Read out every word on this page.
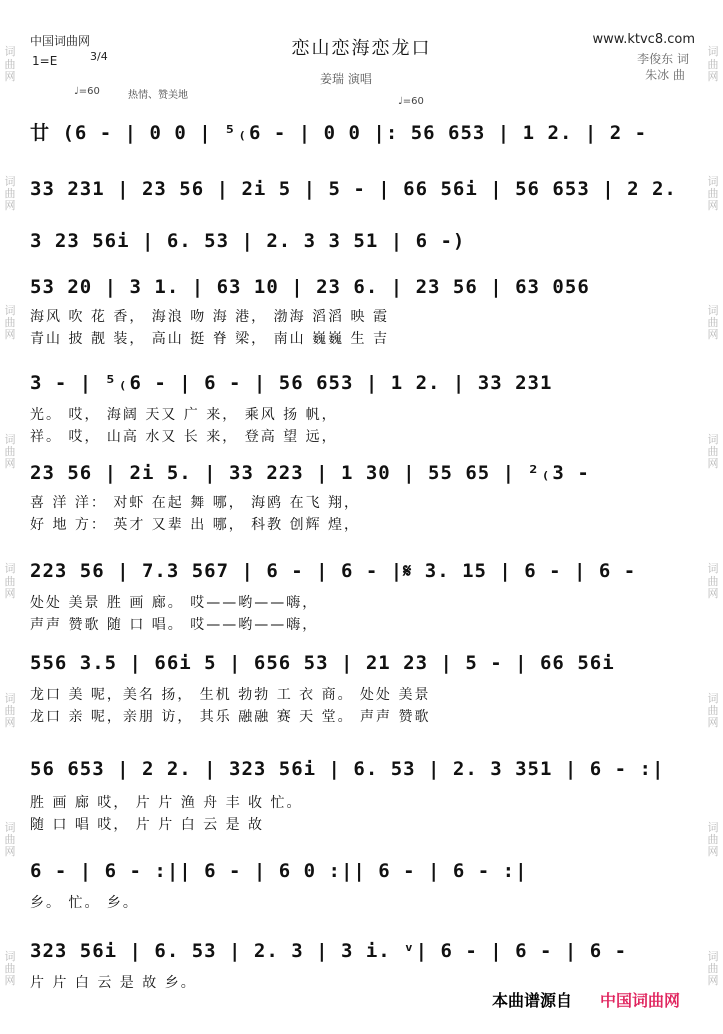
词
曲
网
词
曲
网
词
曲
网
词
曲
网
词
曲
网
词
曲
网
词
曲
网
词
曲
网
词
曲
网
词
曲
网
词
曲
网
词
曲
网
词
曲
网
词
曲
网
词
曲
网
词
曲
网
中国词曲网
1=E	3/4	恋山恋海恋龙口	www.ktvc8.com
李俊东 词
朱冰 曲
姜瑞 演唱
♩=60	热情、赞美地
♩=60
廿 (6 - | 0 0 | ⁵₍6 - | 0 0 |: 56 653 | 1 2. | 2 -
33 231 | 23 56 | 2i 5 | 5 - | 66 56i | 56 653 | 2 2.
3 23 56i | 6. 53 | 2. 3 3 51 | 6 -)
53 20 | 3 1. | 63 10 | 23 6. | 23 56 | 63 056
海风 吹 花 香， 海浪 吻 海 港， 渤海 滔滔 映 霞
青山 披 靓 装， 高山 挺 脊 梁， 南山 巍巍 生 吉
3 - | ⁵₍6 - | 6 - | 56 653 | 1 2. | 33 231
光。 哎， 海阔 天又 广 来， 乘风 扬 帆，
祥。 哎， 山高 水又 长 来， 登高 望 远，
23 56 | 2i 5. | 33 223 | 1 30 | 55 65 | ²₍3 -
喜 洋 洋： 对虾 在起 舞 哪， 海鸥 在飞 翔，
好 地 方： 英才 又辈 出 哪， 科教 创辉 煌，
223 56 | 7.3 567 | 6 - | 6 - |𝄋 3. 15 | 6 - | 6 -
处处 美景 胜 画 廊。 哎——哟——嗨，
声声 赞歌 随 口 唱。 哎——哟——嗨，
556 3.5 | 66i 5 | 656 53 | 21 23 | 5 - | 66 56i
龙口 美 呢，美名 扬， 生机 勃勃 工 衣 商。 处处 美景
龙口 亲 呢，亲朋 访， 其乐 融融 赛 天 堂。 声声 赞歌
56 653 | 2 2. | 323 56i | 6. 53 | 2. 3 351 | 6 - :|
胜 画 廊 哎， 片 片 渔 舟 丰 收 忙。
随 口 唱 哎， 片 片 白 云 是 故
6 - | 6 - :|| 6 - | 6 0 :|| 6 - | 6 - :|
乡。 忙。 乡。
323 56i | 6. 53 | 2. 3 | 3 i. ᵛ| 6 - | 6 - | 6 -
片 片 白 云 是 故 乡。
本曲谱源自 中国词曲网
